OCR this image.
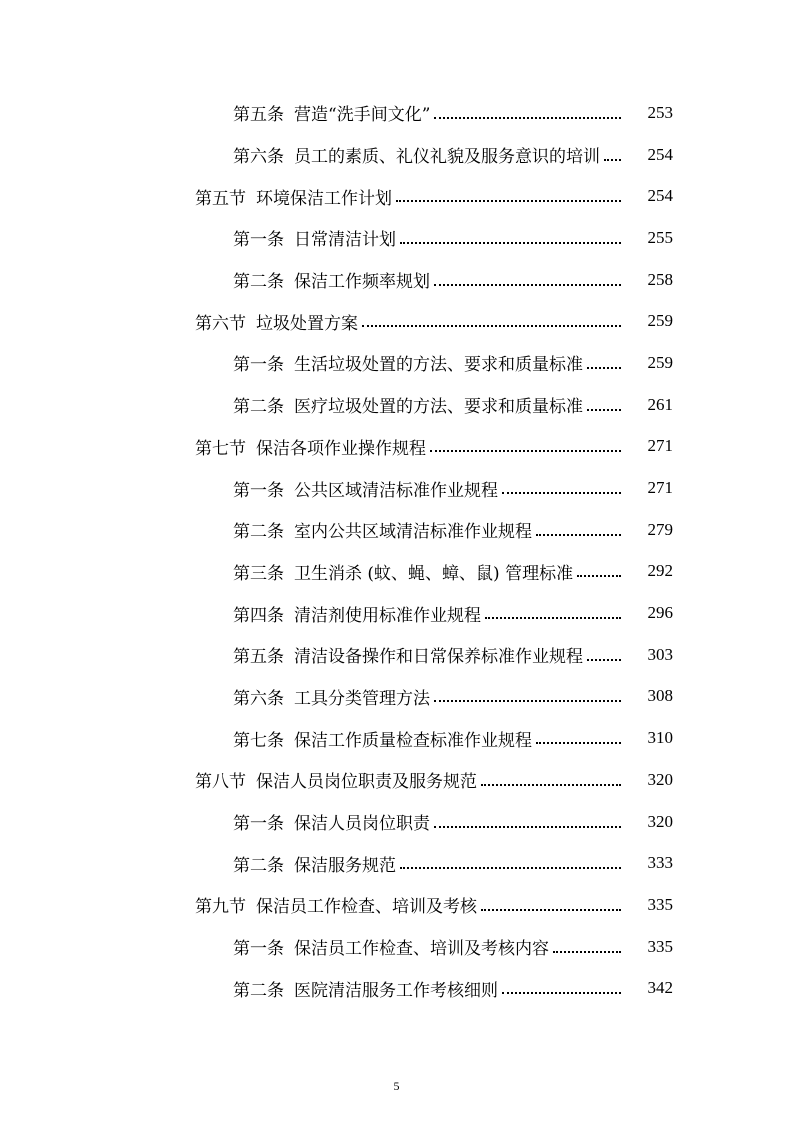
第五条 营造“洗手间文化”	253
第六条 员工的素质、礼仪礼貌及服务意识的培训	254
第五节 环境保洁工作计划	254
第一条 日常清洁计划	255
第二条 保洁工作频率规划	258
第六节 垃圾处置方案	259
第一条 生活垃圾处置的方法、要求和质量标准	259
第二条 医疗垃圾处置的方法、要求和质量标准	261
第七节 保洁各项作业操作规程	271
第一条 公共区域清洁标准作业规程	271
第二条 室内公共区域清洁标准作业规程	279
第三条 卫生消杀 (蚊、蝇、蟑、鼠) 管理标准	292
第四条 清洁剂使用标准作业规程	296
第五条 清洁设备操作和日常保养标准作业规程	303
第六条 工具分类管理方法	308
第七条 保洁工作质量检查标准作业规程	310
第八节 保洁人员岗位职责及服务规范	320
第一条 保洁人员岗位职责	320
第二条 保洁服务规范	333
第九节 保洁员工作检查、培训及考核	335
第一条 保洁员工作检查、培训及考核内容	335
第二条 医院清洁服务工作考核细则	342
5
